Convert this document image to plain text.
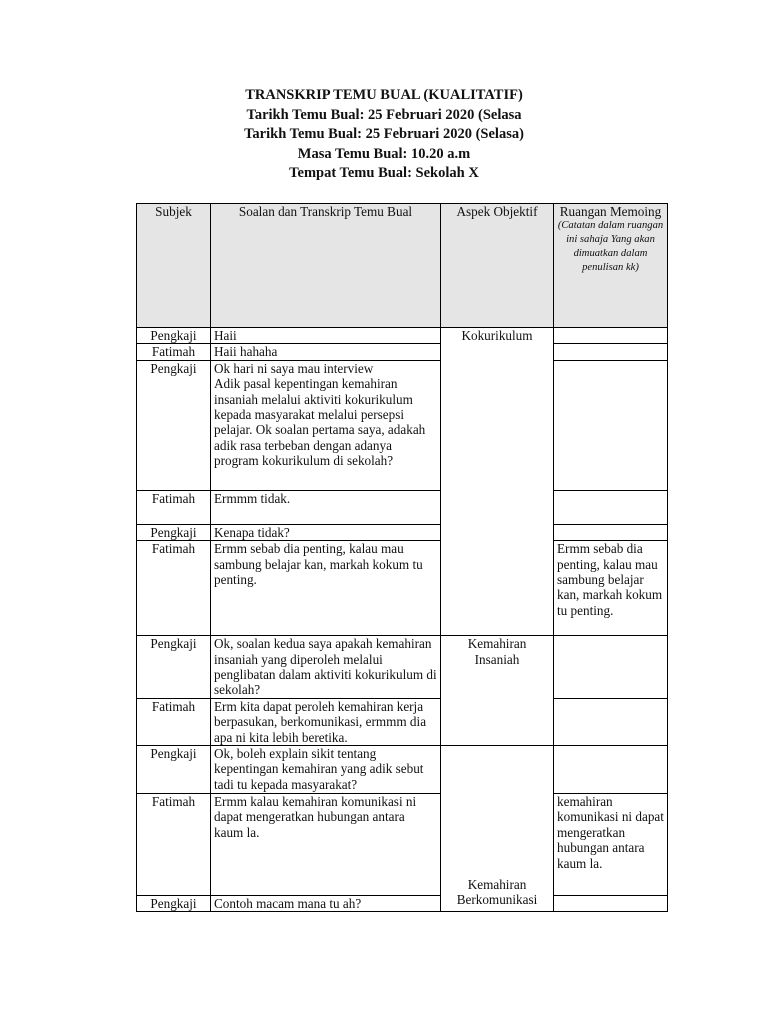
TRANSKRIP TEMU BUAL (KUALITATIF)
Tarikh Temu Bual: 25 Februari 2020 (Selasa
Tarikh Temu Bual: 25 Februari 2020 (Selasa)
Masa Temu Bual: 10.20 a.m
Tempat Temu Bual: Sekolah X
Subjek	Soalan dan Transkrip Temu Bual	Aspek Objektif	Ruangan Memoing
(Catatan dalam ruangan ini sahaja Yang akan dimuatkan dalam penulisan kk)

Pengkaji	Haii	Kokurikulum	
Fatimah	Haii hahaha		
Pengkaji	Ok hari ni saya mau interview
Adik pasal kepentingan kemahiran insaniah melalui aktiviti kokurikulum kepada masyarakat melalui persepsi pelajar. Ok soalan pertama saya, adakah adik rasa terbeban dengan adanya program kokurikulum di sekolah?		
Fatimah	Ermmm tidak.		
Pengkaji	Kenapa tidak?		
Fatimah	Ermm sebab dia penting, kalau mau sambung belajar kan, markah kokum tu penting.		Ermm sebab dia penting, kalau mau sambung belajar kan, markah kokum tu penting.
Pengkaji	Ok, soalan kedua saya apakah kemahiran insaniah yang diperoleh melalui penglibatan dalam aktiviti kokurikulum di sekolah?	Kemahiran Insaniah	
Fatimah	Erm kita dapat peroleh kemahiran kerja berpasukan, berkomunikasi, ermmm dia apa ni kita lebih beretika.		
Pengkaji	Ok, boleh explain sikit tentang kepentingan kemahiran yang adik sebut tadi tu kepada masyarakat?	Kemahiran Berkomunikasi	
Fatimah	Ermm kalau kemahiran komunikasi ni dapat mengeratkan hubungan antara kaum la.		kemahiran komunikasi ni dapat mengeratkan hubungan antara kaum la.
Pengkaji	Contoh macam mana tu ah?		
